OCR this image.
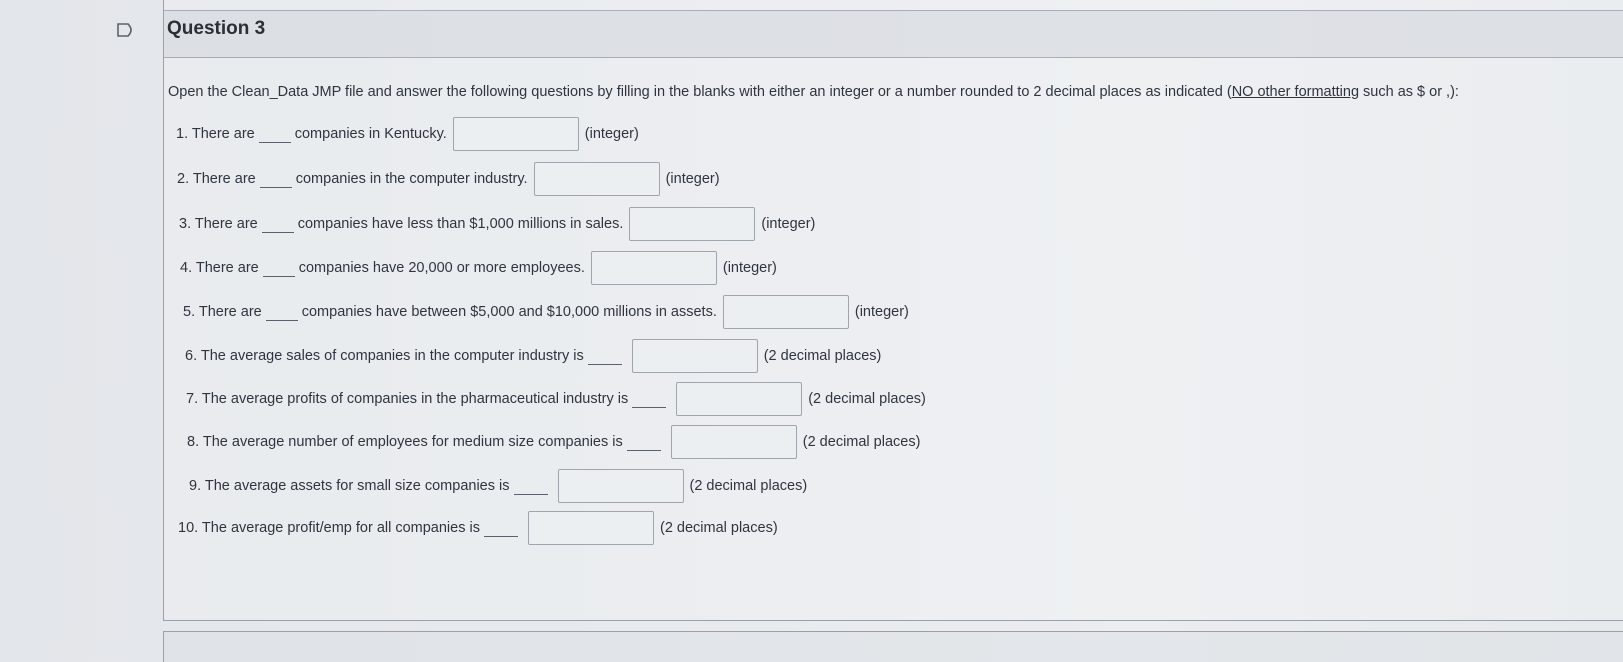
Question 3
Open the Clean_Data JMP file and answer the following questions by filling in the blanks with either an integer or a number rounded to 2 decimal places as indicated (NO other formatting such as $ or ,):
1. There are	companies in Kentucky.	(integer)
2. There are	companies in the computer industry.	(integer)
3. There are	companies have less than $1,000 millions in sales.	(integer)
4. There are	companies have 20,000 or more employees.	(integer)
5. There are	companies have between $5,000 and $10,000 millions in assets.	(integer)
6. The average sales of companies in the computer industry is	(2 decimal places)
7. The average profits of companies in the pharmaceutical industry is	(2 decimal places)
8. The average number of employees for medium size companies is	(2 decimal places)
9. The average assets for small size companies is	(2 decimal places)
10. The average profit/emp for all companies is	(2 decimal places)
